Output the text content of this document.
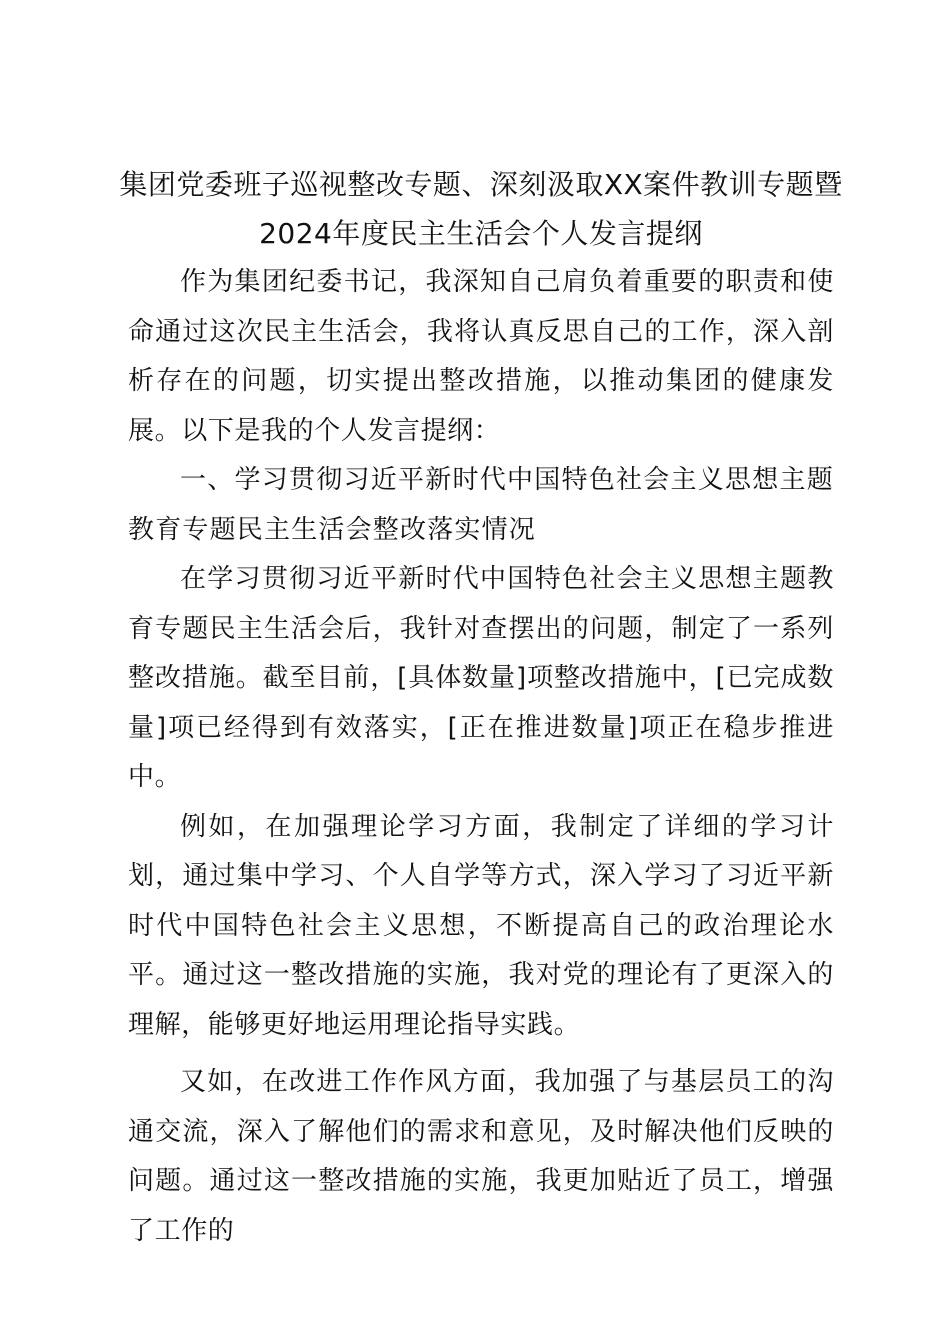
集团党委班子巡视整改专题、深刻汲取XX案件教训专题暨2024年度民主生活会个人发言提纲

作为集团纪委书记，我深知自己肩负着重要的职责和使命通过这次民主生活会，我将认真反思自己的工作，深入剖析存在的问题，切实提出整改措施，以推动集团的健康发展。以下是我的个人发言提纲：

一、学习贯彻习近平新时代中国特色社会主义思想主题教育专题民主生活会整改落实情况

在学习贯彻习近平新时代中国特色社会主义思想主题教育专题民主生活会后，我针对查摆出的问题，制定了一系列整改措施。截至目前，[具体数量]项整改措施中，[已完成数量]项已经得到有效落实，[正在推进数量]项正在稳步推进中。

例如，在加强理论学习方面，我制定了详细的学习计划，通过集中学习、个人自学等方式，深入学习了习近平新时代中国特色社会主义思想，不断提高自己的政治理论水平。通过这一整改措施的实施，我对党的理论有了更深入的理解，能够更好地运用理论指导实践。

又如，在改进工作作风方面，我加强了与基层员工的沟通交流，深入了解他们的需求和意见，及时解决他们反映的问题。通过这一整改措施的实施，我更加贴近了员工，增强了工作的
